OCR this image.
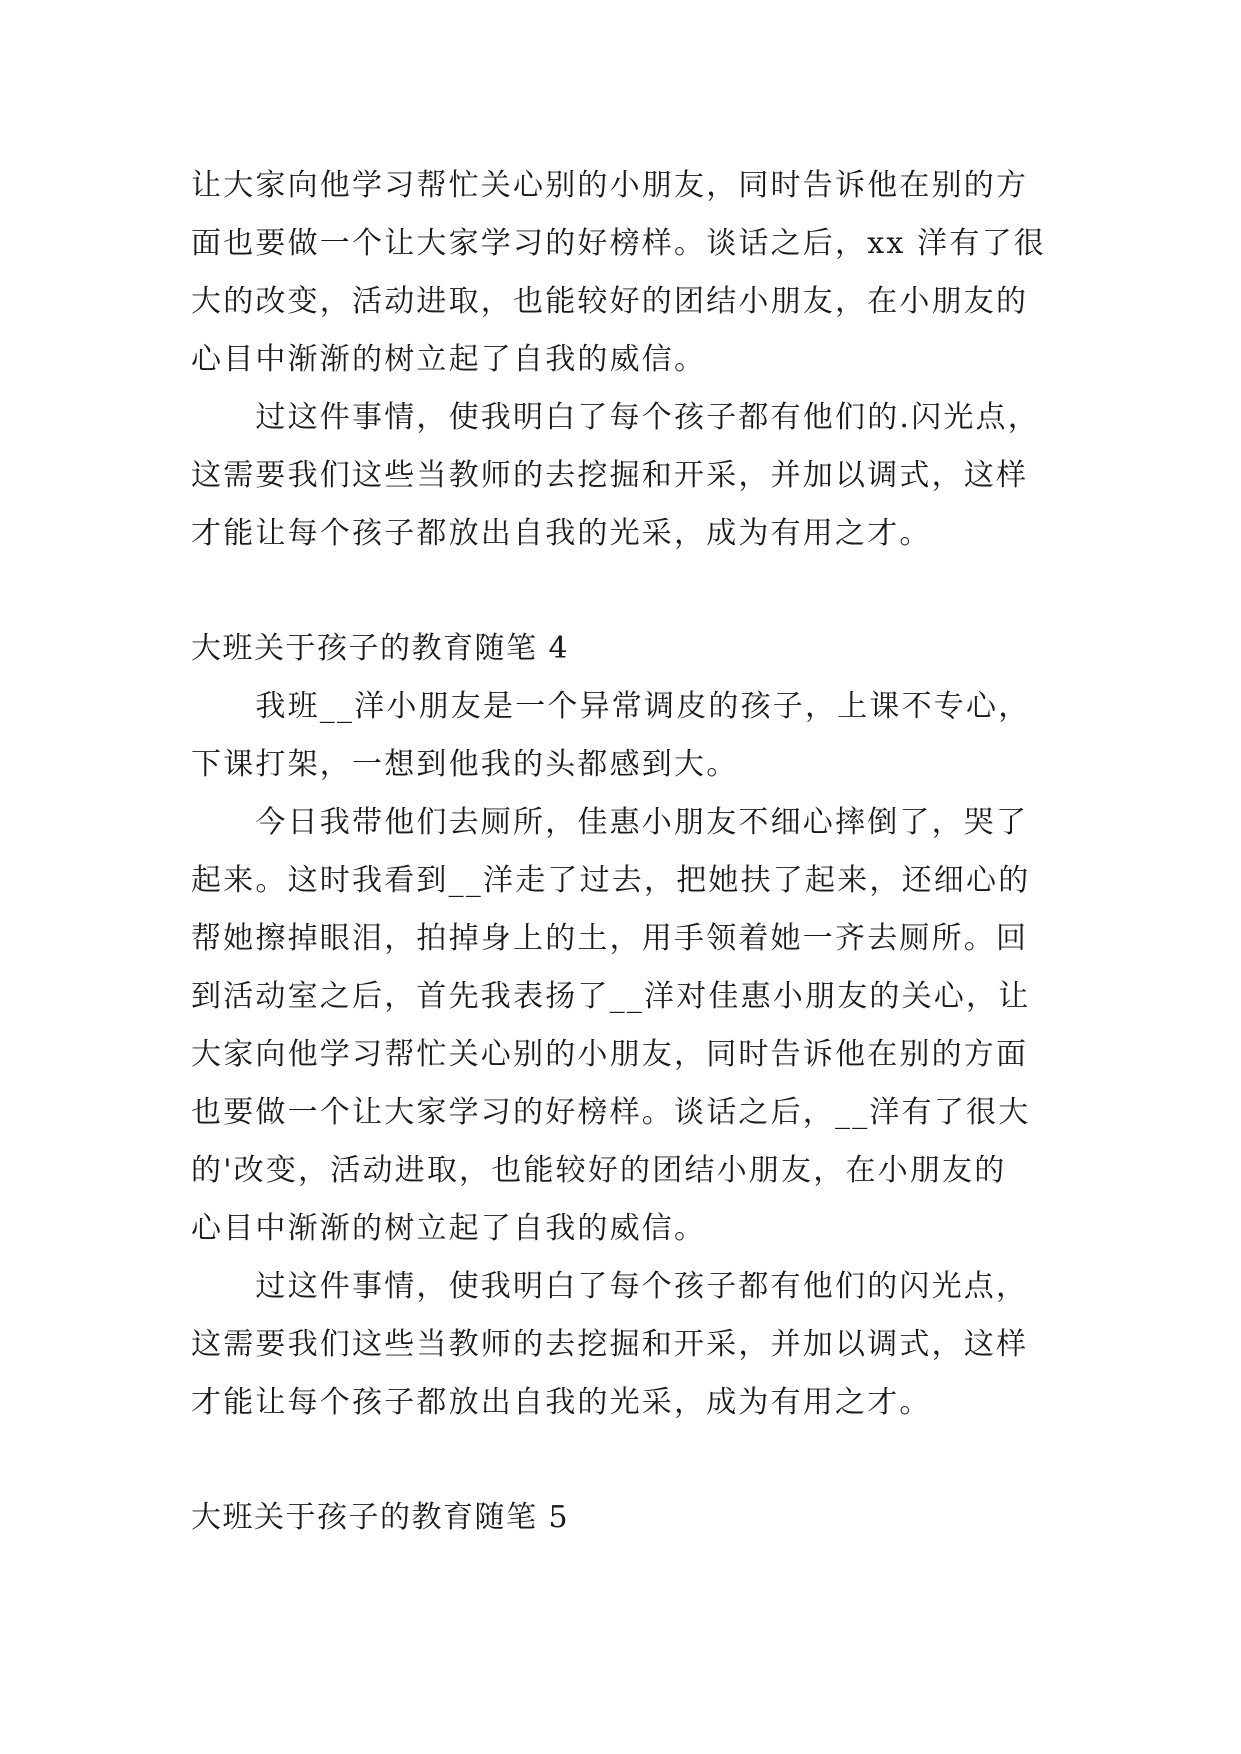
让大家向他学习帮忙关心别的小朋友，同时告诉他在别的方
面也要做一个让大家学习的好榜样。谈话之后，xx 洋有了很
大的改变，活动进取，也能较好的团结小朋友，在小朋友的
心目中渐渐的树立起了自我的威信。
　　过这件事情，使我明白了每个孩子都有他们的.闪光点，
这需要我们这些当教师的去挖掘和开采，并加以调式，这样
才能让每个孩子都放出自我的光采，成为有用之才。
大班关于孩子的教育随笔 4
　　我班__洋小朋友是一个异常调皮的孩子，上课不专心，
下课打架，一想到他我的头都感到大。
　　今日我带他们去厕所，佳惠小朋友不细心摔倒了，哭了
起来。这时我看到__洋走了过去，把她扶了起来，还细心的
帮她擦掉眼泪，拍掉身上的土，用手领着她一齐去厕所。回
到活动室之后，首先我表扬了__洋对佳惠小朋友的关心，让
大家向他学习帮忙关心别的小朋友，同时告诉他在别的方面
也要做一个让大家学习的好榜样。谈话之后，__洋有了很大
的'改变，活动进取，也能较好的团结小朋友，在小朋友的
心目中渐渐的树立起了自我的威信。
　　过这件事情，使我明白了每个孩子都有他们的闪光点，
这需要我们这些当教师的去挖掘和开采，并加以调式，这样
才能让每个孩子都放出自我的光采，成为有用之才。
大班关于孩子的教育随笔 5
